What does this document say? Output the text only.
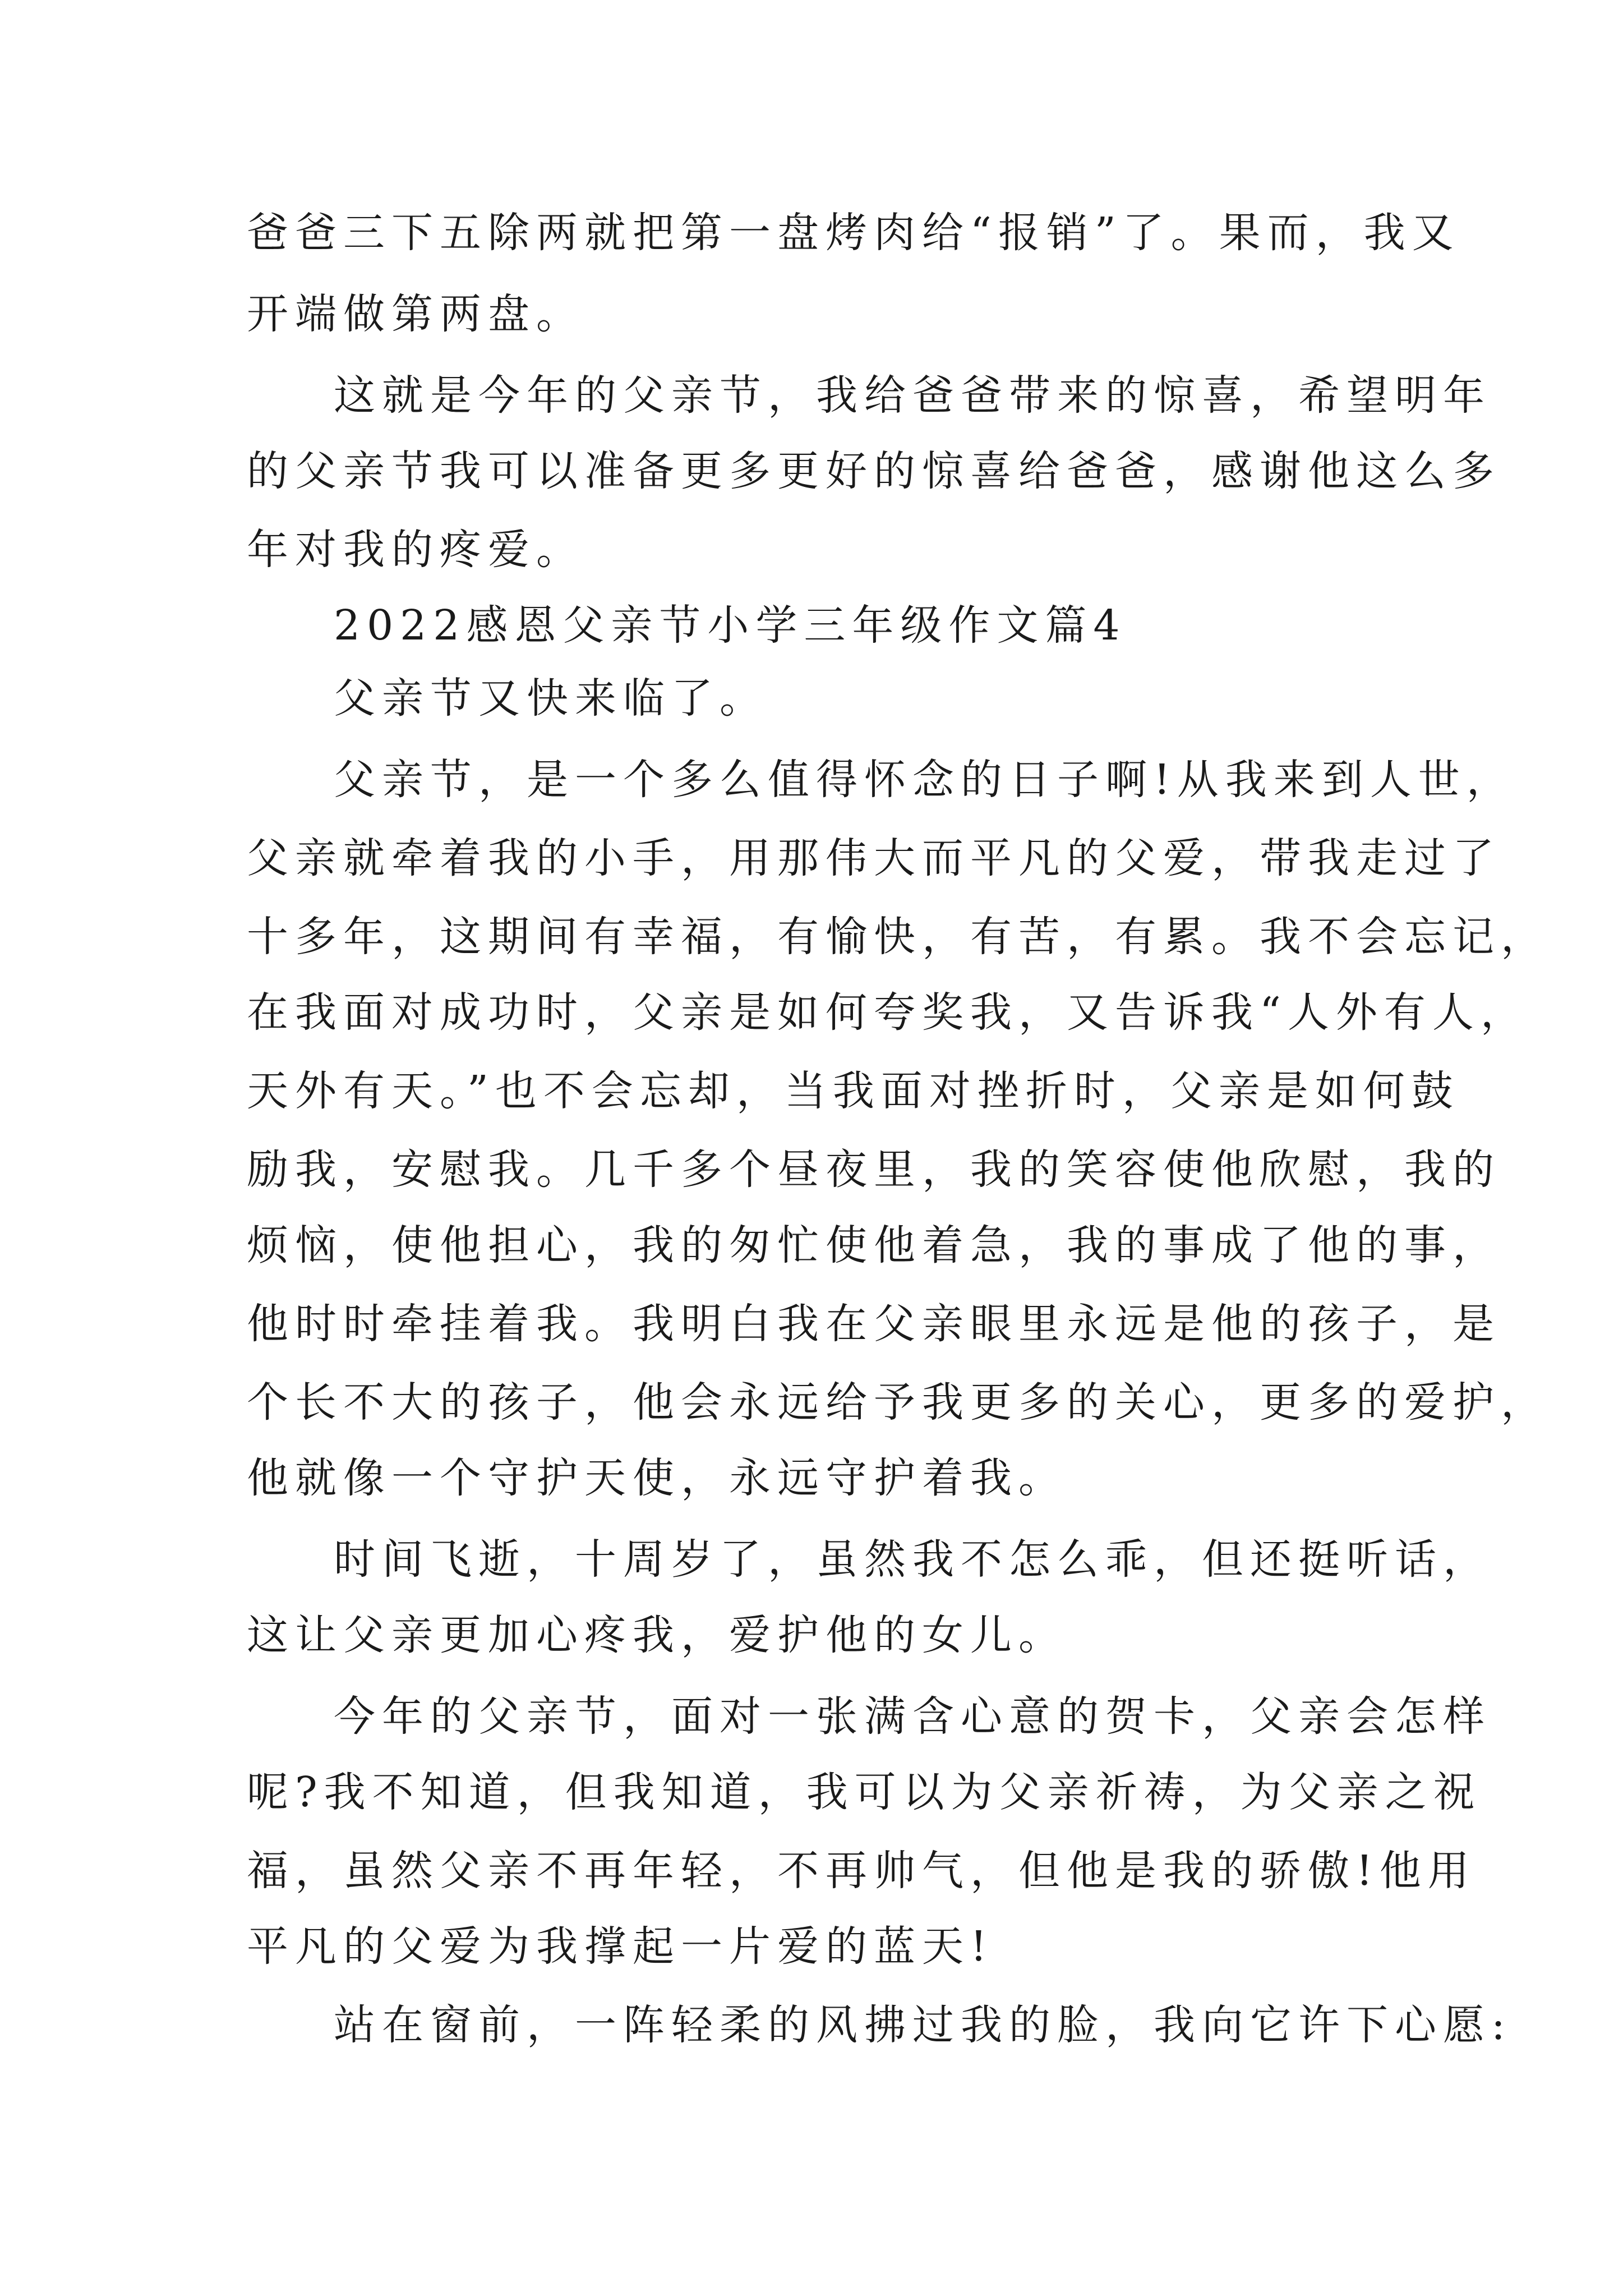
爸爸三下五除两就把第一盘烤肉给“报销”了。果而，我又
开端做第两盘。
这就是今年的父亲节，我给爸爸带来的惊喜，希望明年
的父亲节我可以准备更多更好的惊喜给爸爸，感谢他这么多
年对我的疼爱。
2022感恩父亲节小学三年级作文篇4
父亲节又快来临了。
父亲节，是一个多么值得怀念的日子啊!从我来到人世，
父亲就牵着我的小手，用那伟大而平凡的父爱，带我走过了
十多年，这期间有幸福，有愉快，有苦，有累。我不会忘记，
在我面对成功时，父亲是如何夸奖我，又告诉我“人外有人，
天外有天。”也不会忘却，当我面对挫折时，父亲是如何鼓
励我，安慰我。几千多个昼夜里，我的笑容使他欣慰，我的
烦恼，使他担心，我的匆忙使他着急，我的事成了他的事，
他时时牵挂着我。我明白我在父亲眼里永远是他的孩子，是
个长不大的孩子，他会永远给予我更多的关心，更多的爱护，
他就像一个守护天使，永远守护着我。
时间飞逝，十周岁了，虽然我不怎么乖，但还挺听话，
这让父亲更加心疼我，爱护他的女儿。
今年的父亲节，面对一张满含心意的贺卡，父亲会怎样
呢?我不知道，但我知道，我可以为父亲祈祷，为父亲之祝
福，虽然父亲不再年轻，不再帅气，但他是我的骄傲!他用
平凡的父爱为我撑起一片爱的蓝天!
站在窗前，一阵轻柔的风拂过我的脸，我向它许下心愿:
